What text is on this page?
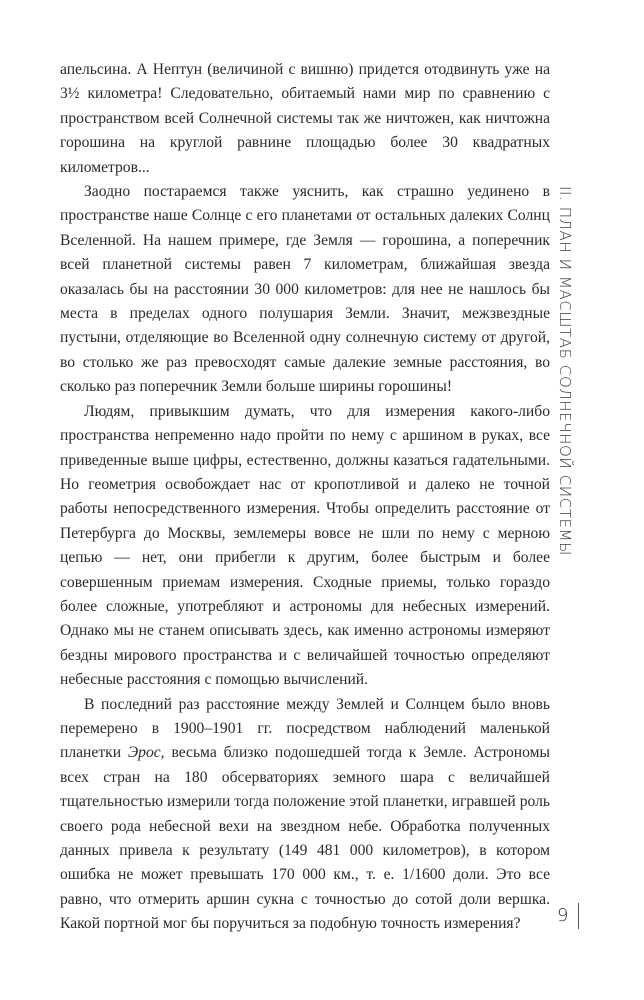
апельсина. А Нептун (величиной с вишню) придется отодвинуть уже на 3½ километра! Следовательно, обитаемый нами мир по сравнению с пространством всей Солнечной системы так же ничтожен, как ничтожна горошина на круглой равнине площадью более 30 квадратных километров...

Заодно постараемся также уяснить, как страшно уединено в пространстве наше Солнце с его планетами от остальных далеких Солнц Вселенной. На нашем примере, где Земля — горошина, а поперечник всей планетной системы равен 7 километрам, ближайшая звезда оказалась бы на расстоянии 30 000 километров: для нее не нашлось бы места в пределах одного полушария Земли. Значит, межзвездные пустыни, отделяющие во Вселенной одну солнечную систему от другой, во столько же раз превосходят самые далекие земные расстояния, во сколько раз поперечник Земли больше ширины горошины!

Людям, привыкшим думать, что для измерения какого-либо пространства непременно надо пройти по нему с аршином в руках, все приведенные выше цифры, естественно, должны казаться гадательными. Но геометрия освобождает нас от кропотливой и далеко не точной работы непосредственного измерения. Чтобы определить расстояние от Петербурга до Москвы, землемеры вовсе не шли по нему с мерною цепью — нет, они прибегли к другим, более быстрым и более совершенным приемам измерения. Сходные приемы, только гораздо более сложные, употребляют и астрономы для небесных измерений. Однако мы не станем описывать здесь, как именно астрономы измеряют бездны мирового пространства и с величайшей точностью определяют небесные расстояния с помощью вычислений.

В последний раз расстояние между Землей и Солнцем было вновь перемерено в 1900–1901 гг. посредством наблюдений маленькой планетки Эрос, весьма близко подошедшей тогда к Земле. Астрономы всех стран на 180 обсерваториях земного шара с величайшей тщательностью измерили тогда положение этой планетки, игравшей роль своего рода небесной вехи на звездном небе. Обработка полученных данных привела к результату (149 481 000 километров), в котором ошибка не может превышать 170 000 км., т. е. 1/1600 доли. Это все равно, что отмерить аршин сукна с точностью до сотой доли вершка. Какой портной мог бы поручиться за подобную точность измерения?

II. ПЛАН И МАСШТАБ СОЛНЕЧНОЙ СИСТЕМЫ
9
